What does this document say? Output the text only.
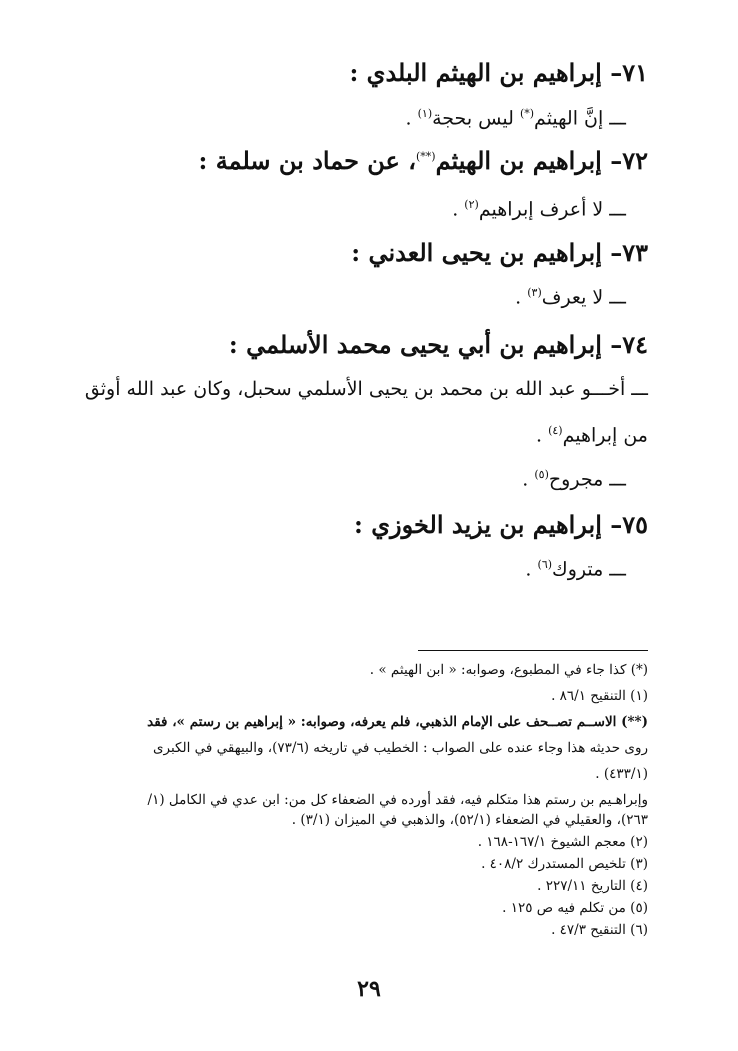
٧١– إبراهيم بن الهيثم البلدي :
ـــ إنَّ الهيثم(*) ليس بحجة$^{(١)}$ .
٧٢– إبراهيم بن الهيثم(**)، عن حماد بن سلمة :
ـــ لا أعرف إبراهيم$^{(٢)}$ .
٧٣– إبراهيم بن يحيى العدني :
ـــ لا يعرف$^{(٣)}$ .
٧٤– إبراهيم بن أبي يحيى محمد الأسلمي :
ـــ أخـــو عبد الله بن محمد بن يحيى الأسلمي سحبل، وكان عبد الله أوثق
من إبراهيم$^{(٤)}$ .
ـــ مجروح$^{(٥)}$ .
٧٥– إبراهيم بن يزيد الخوزي :
ـــ متروك$^{(٦)}$ .
(*) كذا جاء في المطبوع، وصوابه: « ابن الهيثم » .
(١) التنقيح ٨٦/١ .
(**) الاســم تصــحف على الإمام الذهبي، فلم يعرفه، وصوابه: « إبراهيم بن رستم »، فقد
روى حديثه هذا وجاء عنده على الصواب : الخطيب في تاريخه (٧٣/٦)، والبيهقي في الكبرى
(٤٣٣/١) .
وإبراهـيم بن رستم هذا متكلم فيه، فقد أورده في الضعفاء كل من: ابن عدي في الكامل (١/
٢٦٣)، والعقيلي في الضعفاء (٥٢/١)، والذهبي في الميزان (٣/١) .
(٢) معجم الشيوخ ١٦٧/١-١٦٨ .
(٣) تلخيص المستدرك ٤٠٨/٢ .
(٤) التاريخ ٢٢٧/١١ .
(٥) من تكلم فيه ص ١٢٥ .
(٦) التنقيح ٤٧/٣ .
٢٩
